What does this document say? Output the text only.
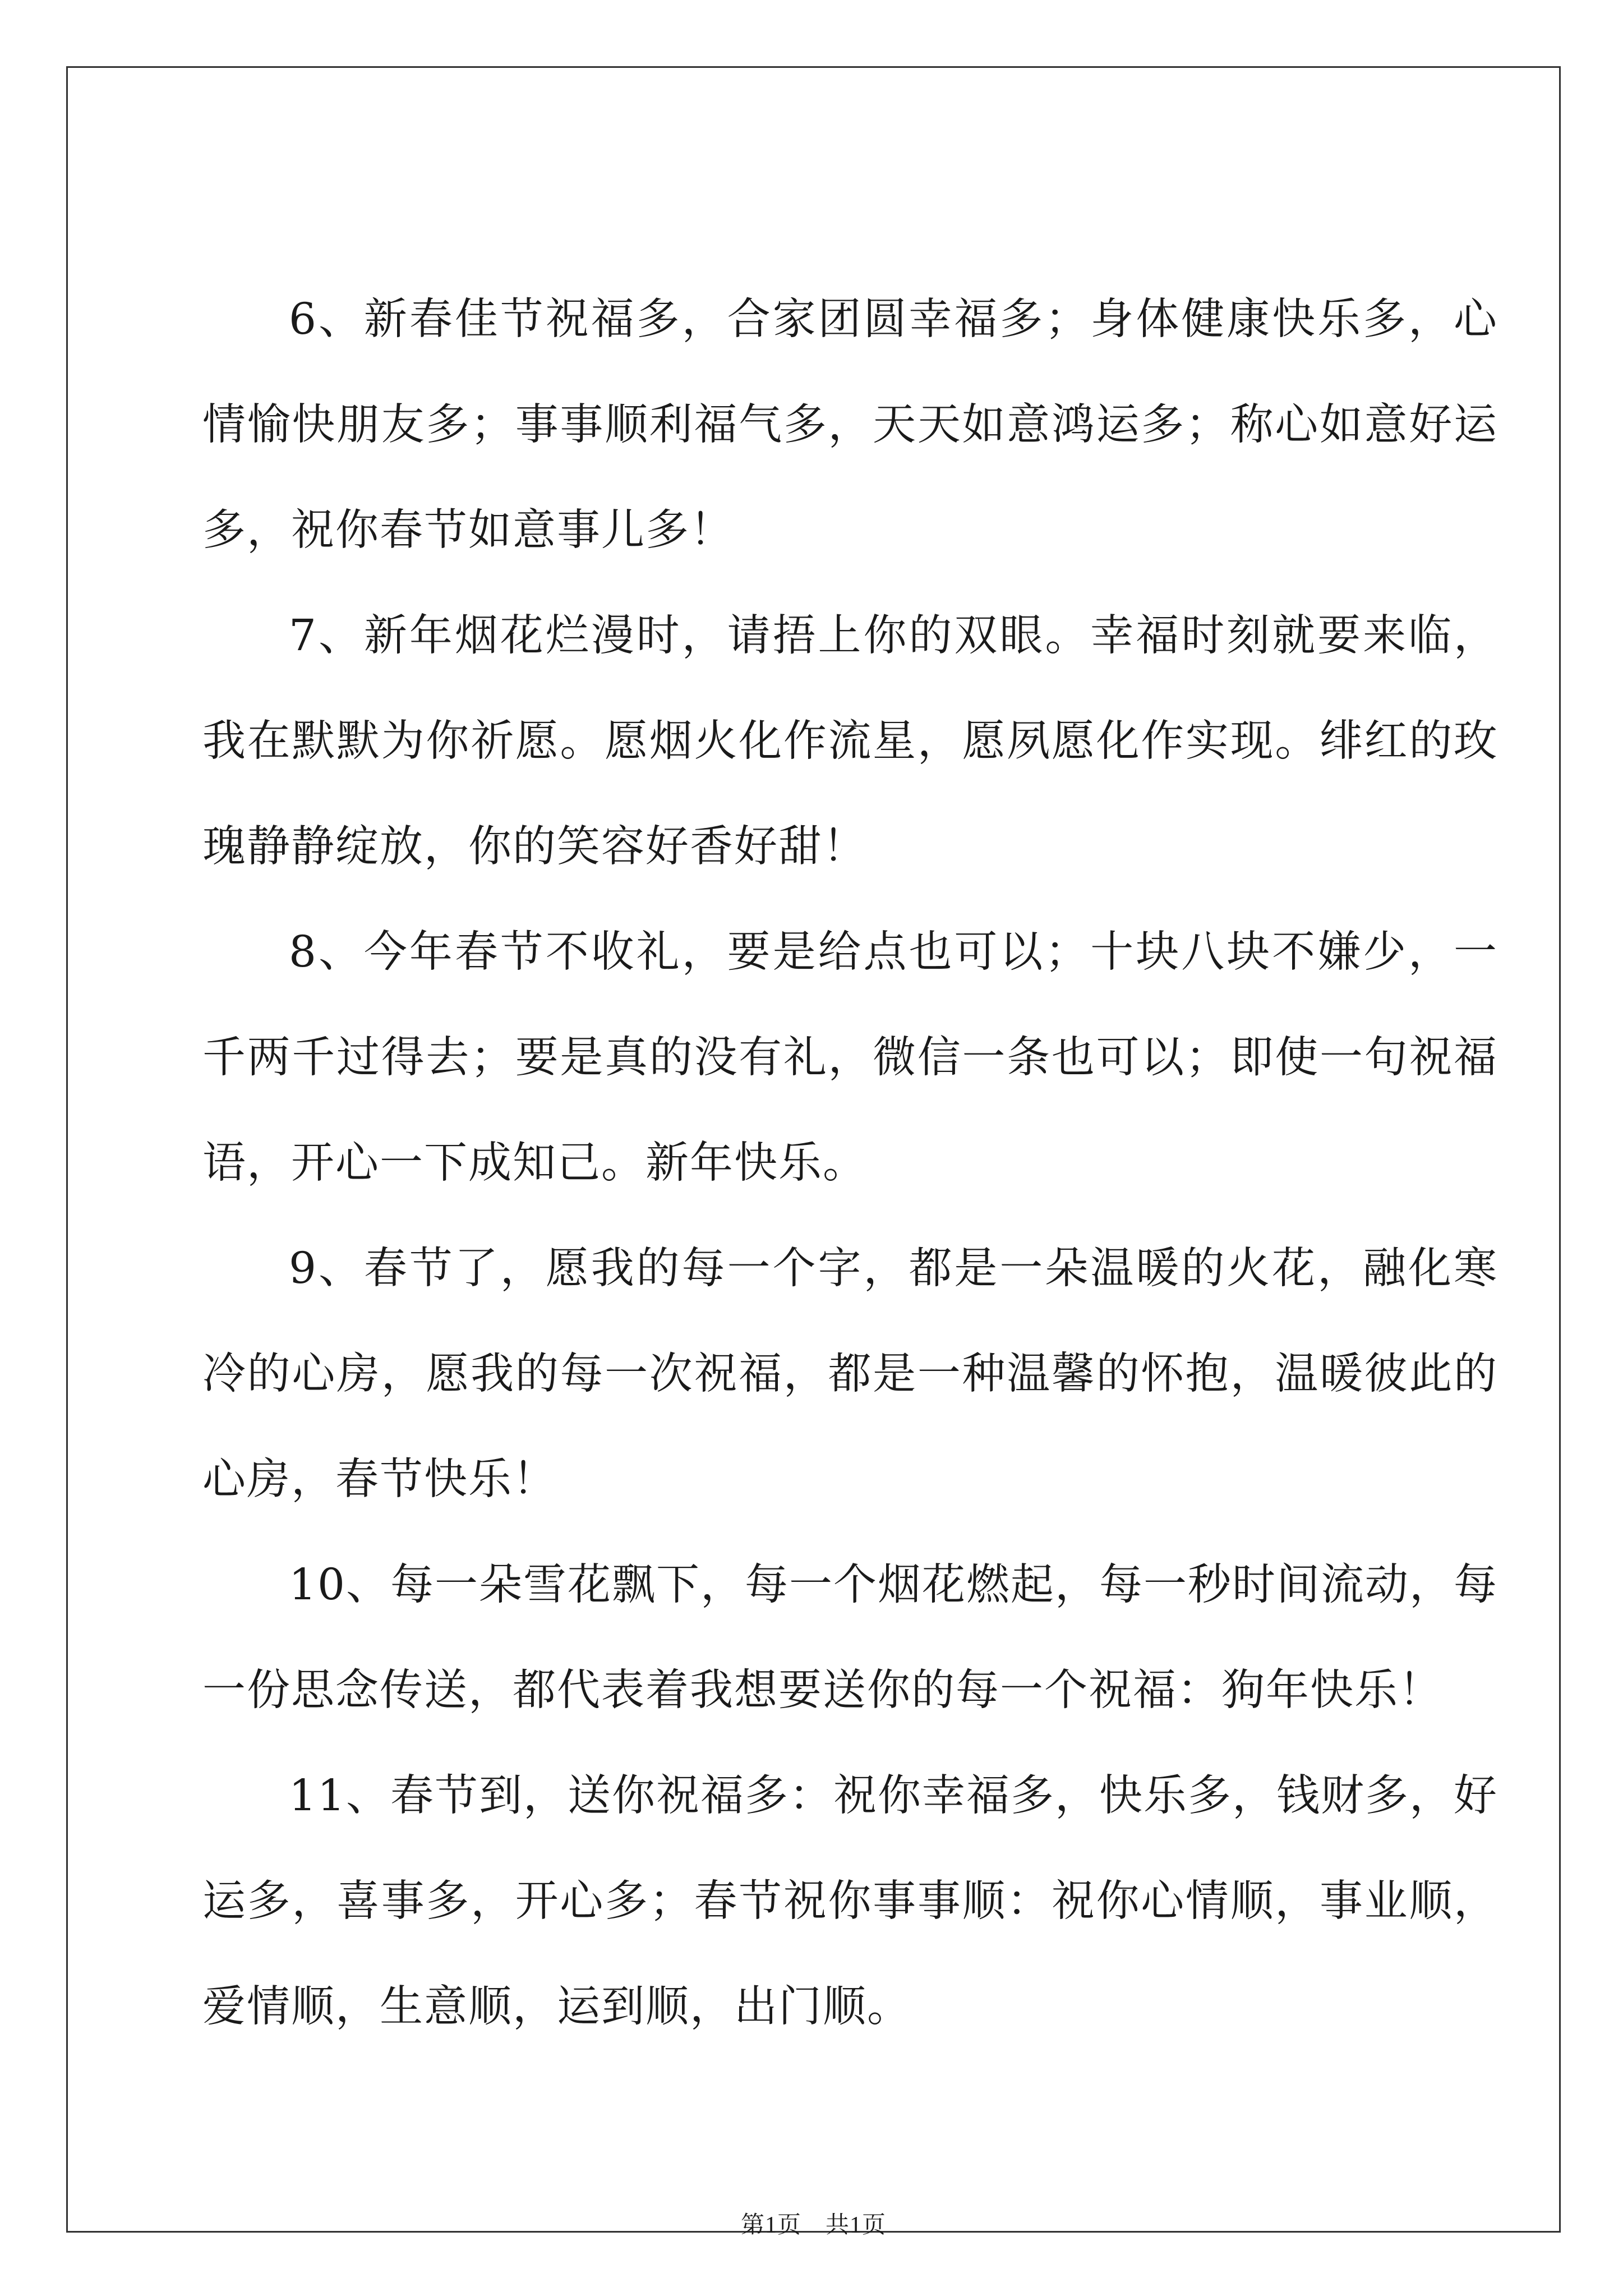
6、新春佳节祝福多，合家团圆幸福多；身体健康快乐多，心情愉快朋友多；事事顺利福气多，天天如意鸿运多；称心如意好运多，祝你春节如意事儿多！

7、新年烟花烂漫时，请捂上你的双眼。幸福时刻就要来临，我在默默为你祈愿。愿烟火化作流星，愿夙愿化作实现。绯红的玫瑰静静绽放，你的笑容好香好甜！

8、今年春节不收礼，要是给点也可以；十块八块不嫌少，一千两千过得去；要是真的没有礼，微信一条也可以；即使一句祝福语，开心一下成知己。新年快乐。

9、春节了，愿我的每一个字，都是一朵温暖的火花，融化寒冷的心房，愿我的每一次祝福，都是一种温馨的怀抱，温暖彼此的心房，春节快乐！

10、每一朵雪花飘下，每一个烟花燃起，每一秒时间流动，每一份思念传送，都代表着我想要送你的每一个祝福：狗年快乐！

11、春节到，送你祝福多：祝你幸福多，快乐多，钱财多，好运多，喜事多，开心多；春节祝你事事顺：祝你心情顺，事业顺，爱情顺，生意顺，运到顺，出门顺。

第1页　共1页
